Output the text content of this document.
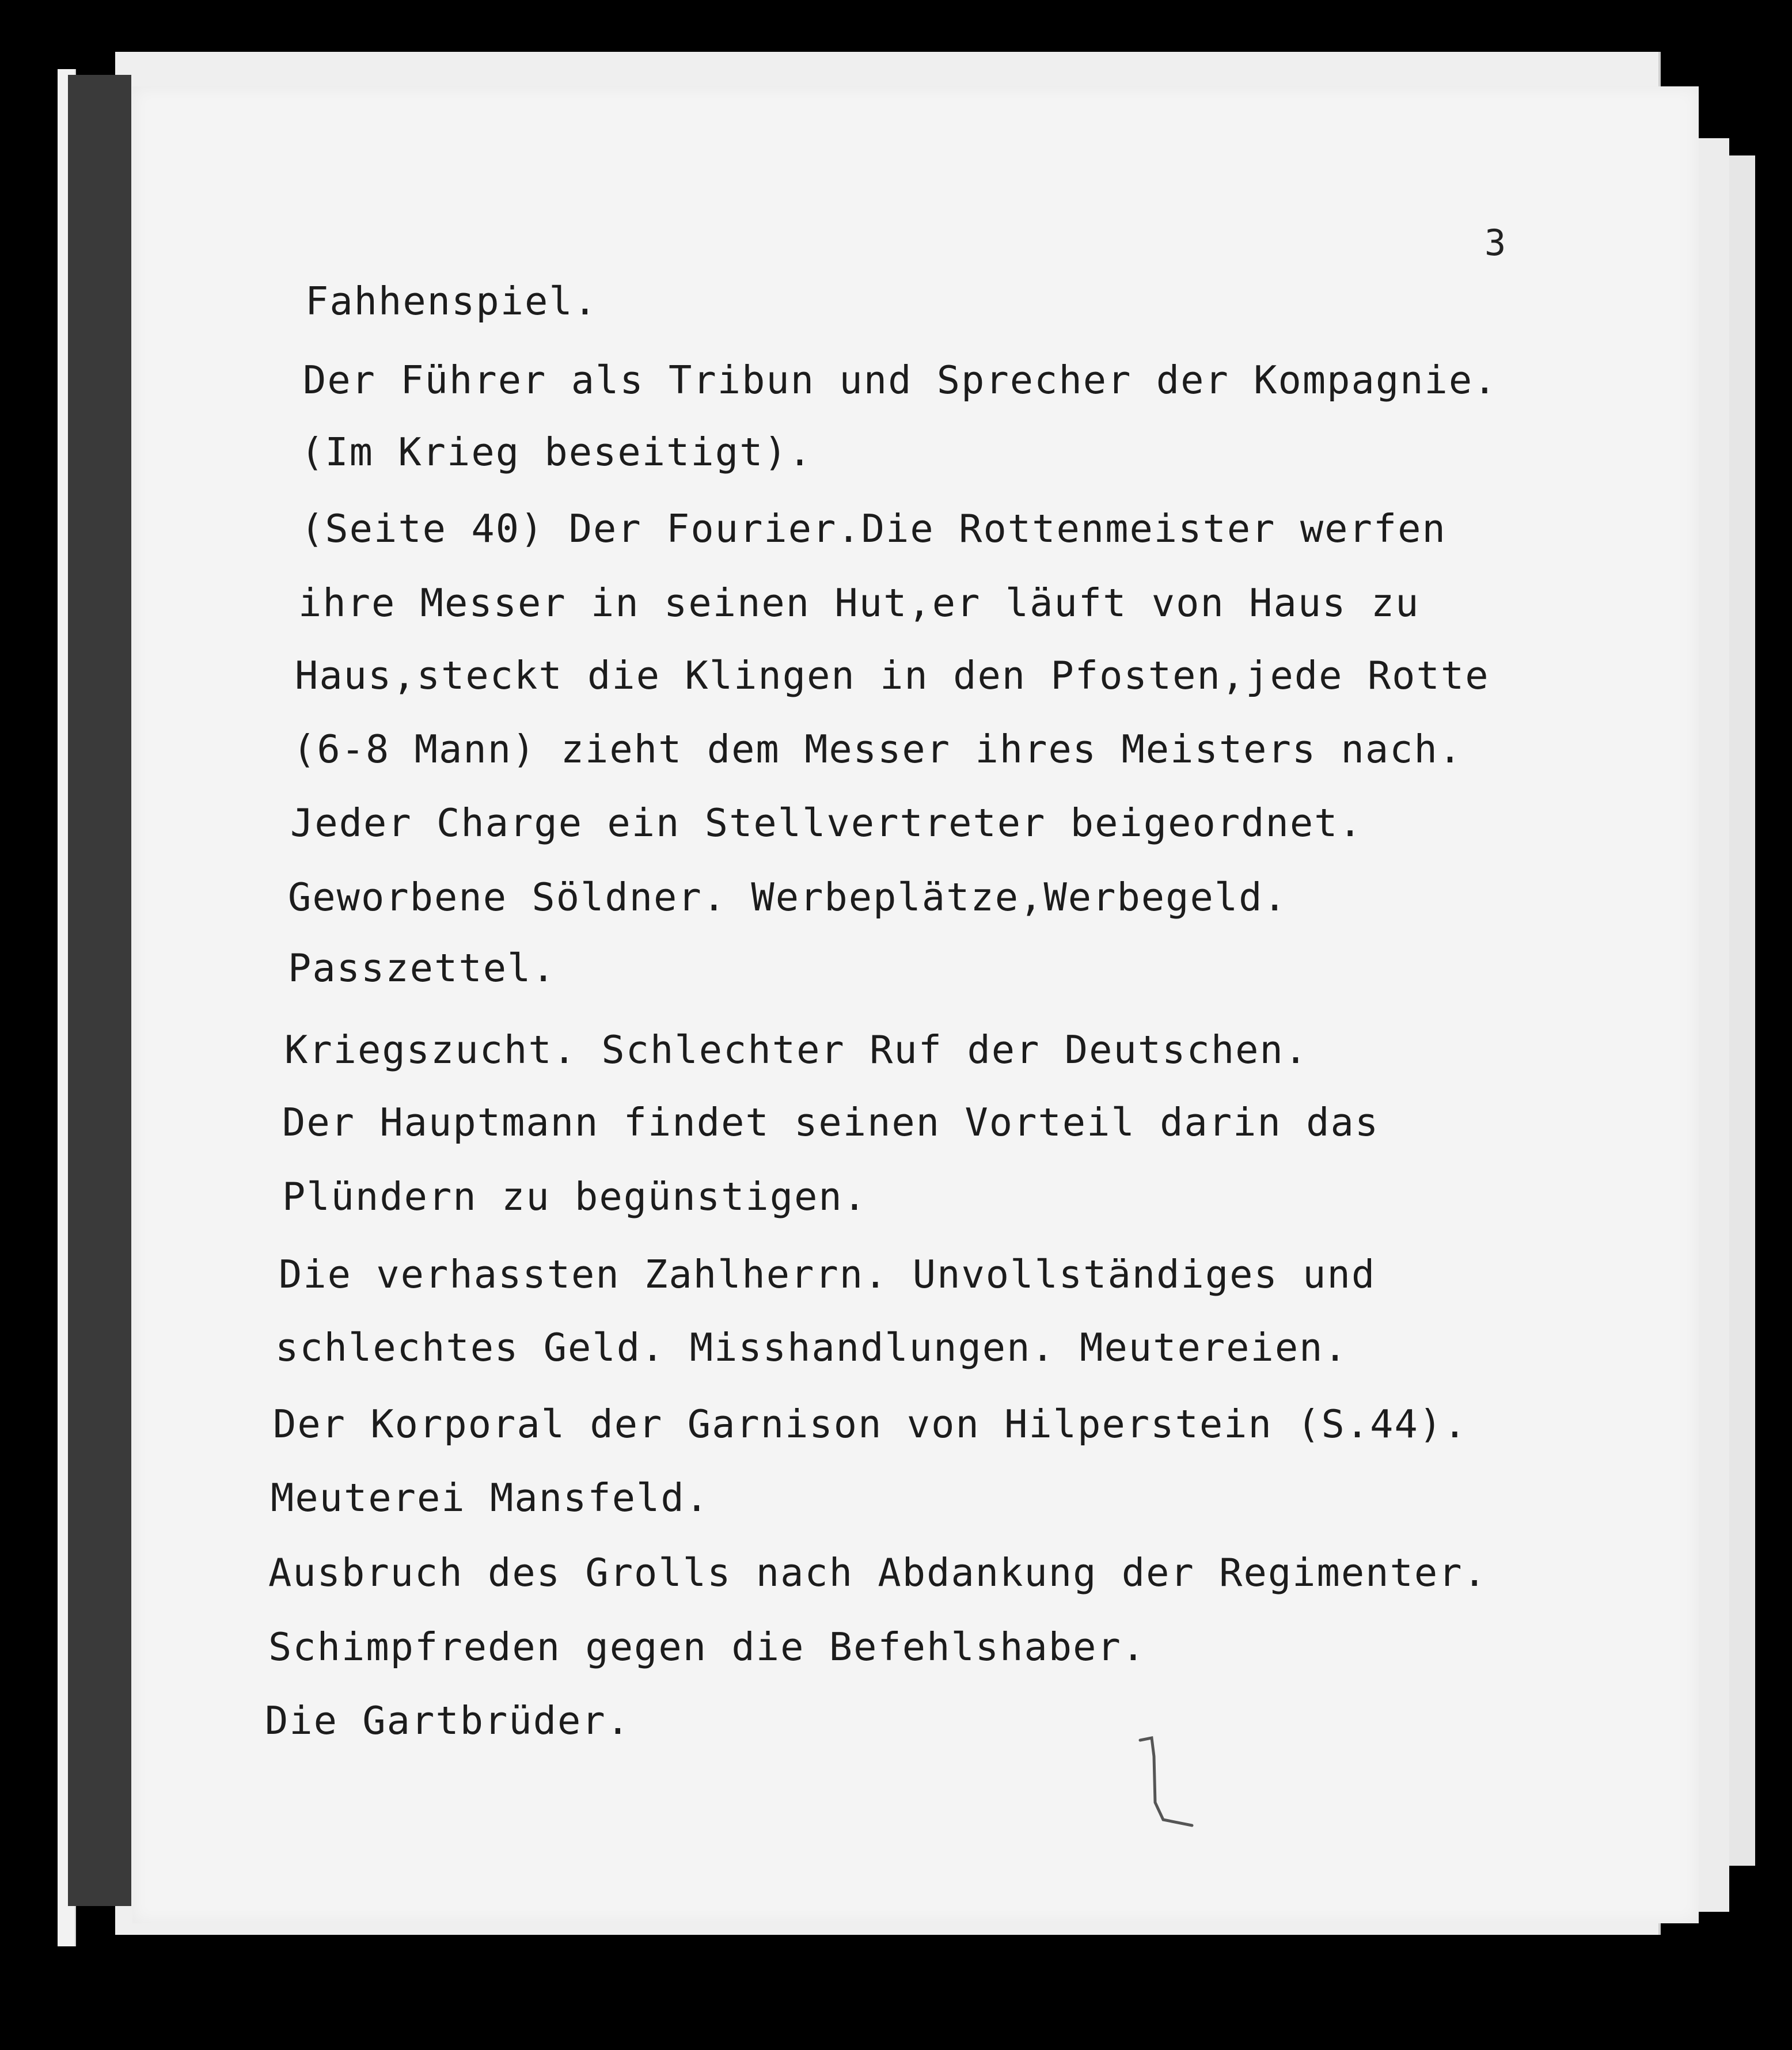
3
Fahhenspiel.
Der Führer als Tribun und Sprecher der Kompagnie.
(Im Krieg beseitigt).
(Seite 40) Der Fourier.Die Rottenmeister werfen
ihre Messer in seinen Hut,er läuft von Haus zu
Haus,steckt die Klingen in den Pfosten,jede Rotte
(6-8 Mann) zieht dem Messer ihres Meisters nach.
Jeder Charge ein Stellvertreter beigeordnet.
Geworbene Söldner. Werbeplätze,Werbegeld.
Passzettel.
Kriegszucht. Schlechter Ruf der Deutschen.
Der Hauptmann findet seinen Vorteil darin das
Plündern zu begünstigen.
Die verhassten Zahlherrn. Unvollständiges und
schlechtes Geld. Misshandlungen. Meutereien.
Der Korporal der Garnison von Hilperstein (S.44).
Meuterei Mansfeld.
Ausbruch des Grolls nach Abdankung der Regimenter.
Schimpfreden gegen die Befehlshaber.
Die Gartbrüder.
